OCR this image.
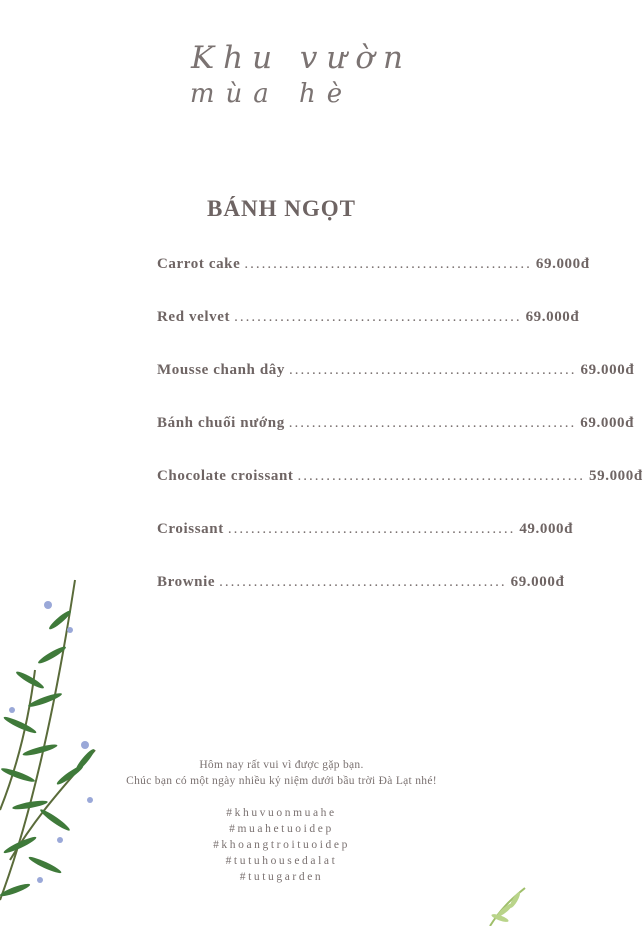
Khu vườn
mùa hè
BÁNH NGỌT
Carrot cake .................................................. 69.000đ
Red velvet .................................................. 69.000đ
Mousse chanh dây .................................................. 69.000đ
Bánh chuối nướng .................................................. 69.000đ
Chocolate croissant .................................................. 59.000đ
Croissant .................................................. 49.000đ
Brownie .................................................. 69.000đ
Hôm nay rất vui vì được gặp bạn.
Chúc bạn có một ngày nhiều kỷ niệm dưới bầu trời Đà Lạt nhé!
#khuvuonmuahe
#muahetuoidep
#khoangtroituoidep
#tutuhousedalat
#tutugarden
